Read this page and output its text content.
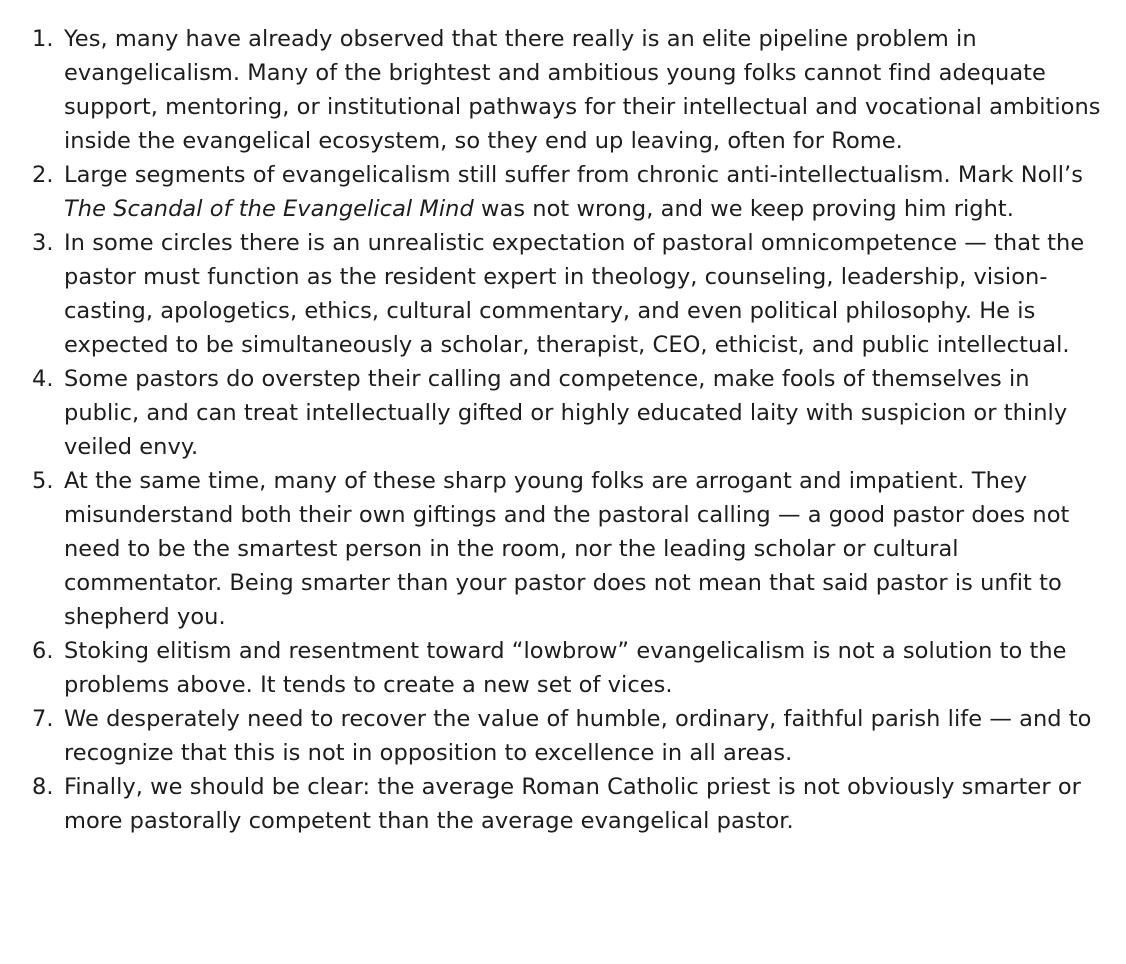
1. Yes, many have already observed that there really is an elite pipeline problem in evangelicalism. Many of the brightest and ambitious young folks cannot find adequate support, mentoring, or institutional pathways for their intellectual and vocational ambitions inside the evangelical ecosystem, so they end up leaving, often for Rome.
2. Large segments of evangelicalism still suffer from chronic anti-intellectualism. Mark Noll’s The Scandal of the Evangelical Mind was not wrong, and we keep proving him right.
3. In some circles there is an unrealistic expectation of pastoral omnicompetence — that the pastor must function as the resident expert in theology, counseling, leadership, vision-casting, apologetics, ethics, cultural commentary, and even political philosophy. He is expected to be simultaneously a scholar, therapist, CEO, ethicist, and public intellectual.
4. Some pastors do overstep their calling and competence, make fools of themselves in public, and can treat intellectually gifted or highly educated laity with suspicion or thinly veiled envy.
5. At the same time, many of these sharp young folks are arrogant and impatient. They misunderstand both their own giftings and the pastoral calling — a good pastor does not need to be the smartest person in the room, nor the leading scholar or cultural commentator. Being smarter than your pastor does not mean that said pastor is unfit to shepherd you.
6. Stoking elitism and resentment toward “lowbrow” evangelicalism is not a solution to the problems above. It tends to create a new set of vices.
7. We desperately need to recover the value of humble, ordinary, faithful parish life — and to recognize that this is not in opposition to excellence in all areas.
8. Finally, we should be clear: the average Roman Catholic priest is not obviously smarter or more pastorally competent than the average evangelical pastor.
